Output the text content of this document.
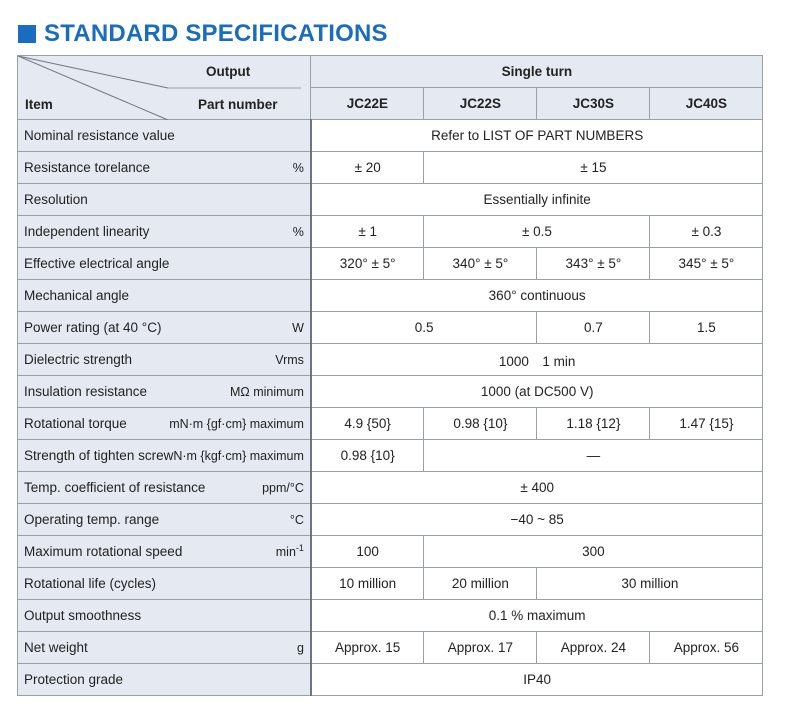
STANDARD SPECIFICATIONS
Output
Item Part number	Single turn			
	JC22E	JC22S	JC30S	JC40S

Nominal resistance value	Refer to LIST OF PART NUMBERS			

Resistance torelance %	± 20	± 15		

Resolution	Essentially infinite			

Independent linearity %	± 1	± 0.5		± 0.3

Effective electrical angle	320° ± 5°	340° ± 5°	343° ± 5°	345° ± 5°

Mechanical angle	360° continuous			

Power rating (at 40 °C) W	0.5		0.7	1.5

Dielectric strength Vrms	1000　1 min			

Insulation resistance MΩ minimum	1000 (at DC500 V)			

Rotational torque mN·m {gf·cm} maximum	4.9 {50}	0.98 {10}	1.18 {12}	1.47 {15}

Strength of tighten screw N·m {kgf·cm} maximum	0.98 {10}	—		

Temp. coefficient of resistance ppm/°C	± 400			

Operating temp. range °C	−40 ~ 85			

Maximum rotational speed $\min^{-1}$	100	300		

Rotational life (cycles)	10 million	20 million	30 million	

Output smoothness	0.1 % maximum			

Net weight g	Approx. 15	Approx. 17	Approx. 24	Approx. 56

Protection grade	IP40			
